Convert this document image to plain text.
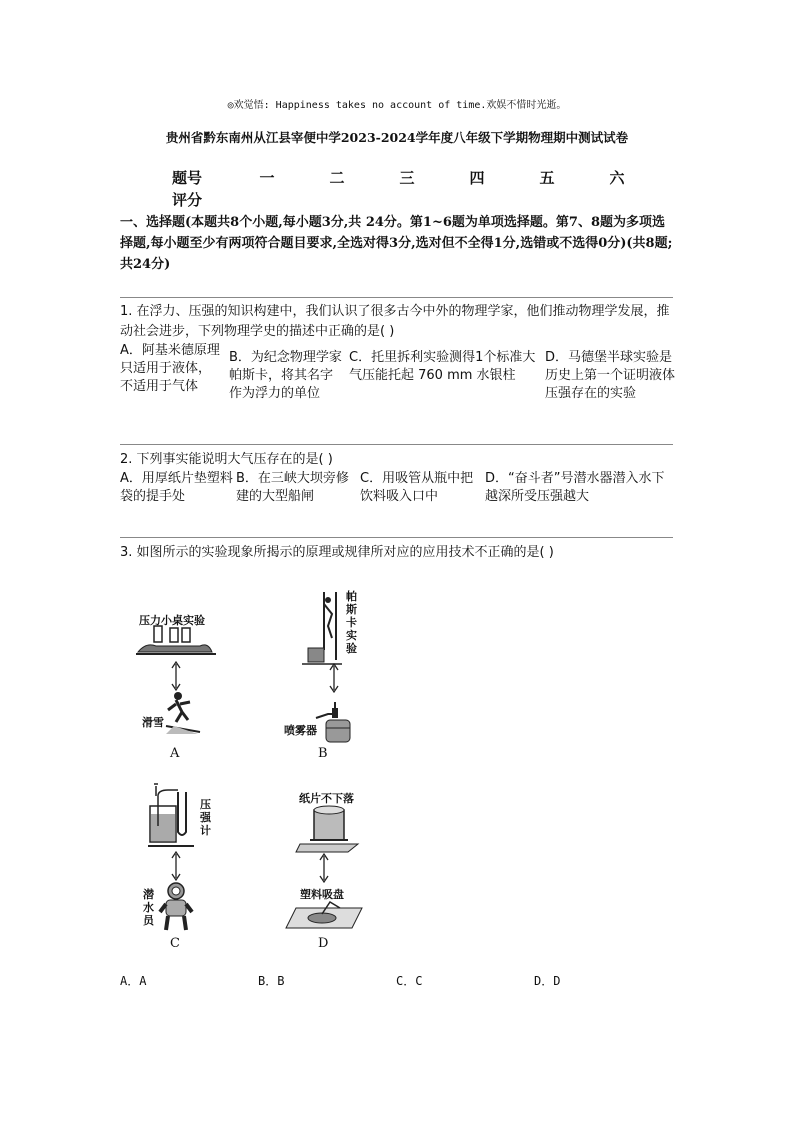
◎欢觉悟: Happiness takes no account of time.欢娱不惜时光逝。
贵州省黔东南州从江县宰便中学2023-2024学年度八年级下学期物理期中测试试卷
题号	一	二	三	四	五	六
评分
一、选择题(本题共8个小题,每小题3分,共 24分。第1~6题为单项选择题。第7、8题为多项选择题,每小题至少有两项符合题目要求,全选对得3分,选对但不全得1分,选错或不选得0分)(共8题;共24分)
1. 在浮力、压强的知识构建中，我们认识了很多古今中外的物理学家，他们推动物理学发展，推动社会进步，下列物理学史的描述中正确的是( )
A．阿基米德原理只适用于液体，不适用于气体
B．为纪念物理学家帕斯卡，将其名字作为浮力的单位
C．托里拆利实验测得1个标准大气压能托起 760 mm 水银柱
D．马德堡半球实验是历史上第一个证明液体压强存在的实验
2. 下列事实能说明大气压存在的是( )
A．用厚纸片垫塑料袋的提手处
B．在三峡大坝旁修建的大型船闸
C．用吸管从瓶中把饮料吸入口中
D．“奋斗者”号潜水器潜入水下越深所受压强越大
3. 如图所示的实验现象所揭示的原理或规律所对应的应用技术不正确的是( )
压力小桌实验
滑雪
A
帕斯卡实验
喷雾器
B
压强计
潜水员
C
纸片不下落
塑料吸盘
D
A．A	B．B	C．C	D．D
